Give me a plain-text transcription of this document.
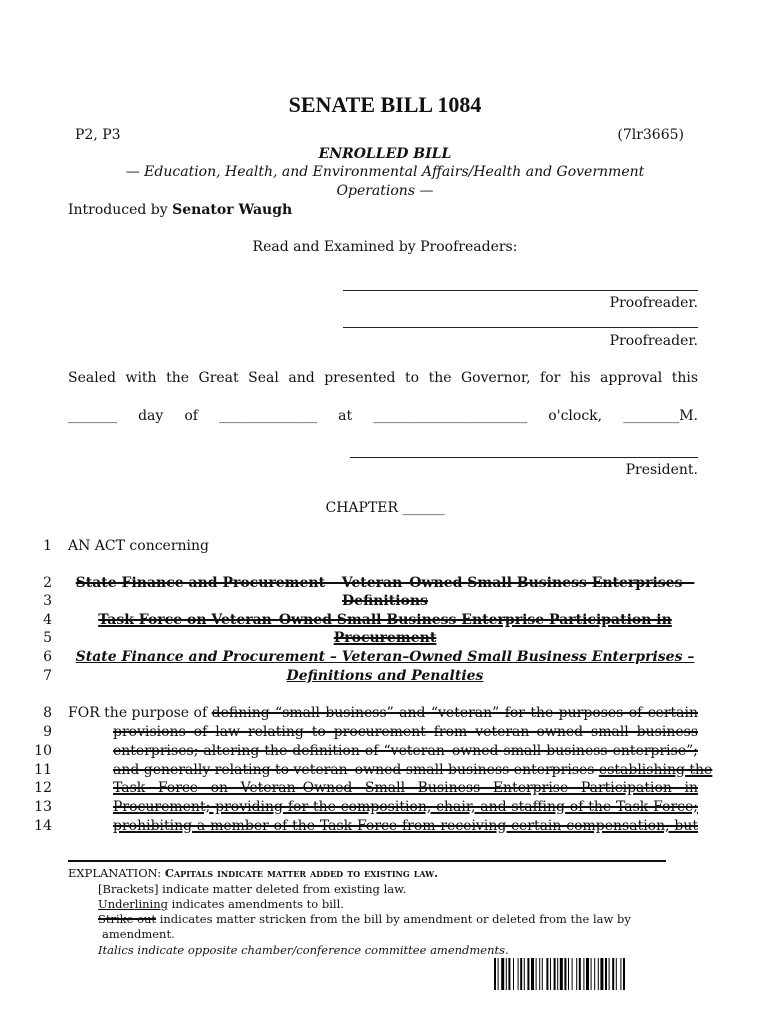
SENATE BILL 1084
P2, P3	(7lr3665)
ENROLLED BILL
— Education, Health, and Environmental Affairs/Health and Government
Operations —
Introduced by Senator Waugh
Read and Examined by Proofreaders:
Proofreader.
Proofreader.
Sealed with the Great Seal and presented to the Governor, for his approval this
_______ day of ______________ at ______________________ o'clock, ________M.
President.
CHAPTER ______
1 AN ACT concerning
2	State Finance and Procurement – Veteran–Owned Small Business Enterprises –
3	Definitions
4	Task Force on Veteran–Owned Small Business Enterprise Participation in
5	Procurement
6	State Finance and Procurement – Veteran–Owned Small Business Enterprises –
7	Definitions and Penalties
8 FOR the purpose of defining “small business” and “veteran” for the purposes of certain
9	provisions of law relating to procurement from veteran–owned small business
10	enterprises; altering the definition of “veteran–owned small business enterprise”;
11	and generally relating to veteran–owned small business enterprises establishing the
12	Task Force on Veteran–Owned Small Business Enterprise Participation in
13	Procurement; providing for the composition, chair, and staffing of the Task Force;
14	prohibiting a member of the Task Force from receiving certain compensation, but
EXPLANATION: Capitals indicate matter added to existing law.
[Brackets] indicate matter deleted from existing law.
Underlining indicates amendments to bill.
Strike out indicates matter stricken from the bill by amendment or deleted from the law by
amendment.
Italics indicate opposite chamber/conference committee amendments.
